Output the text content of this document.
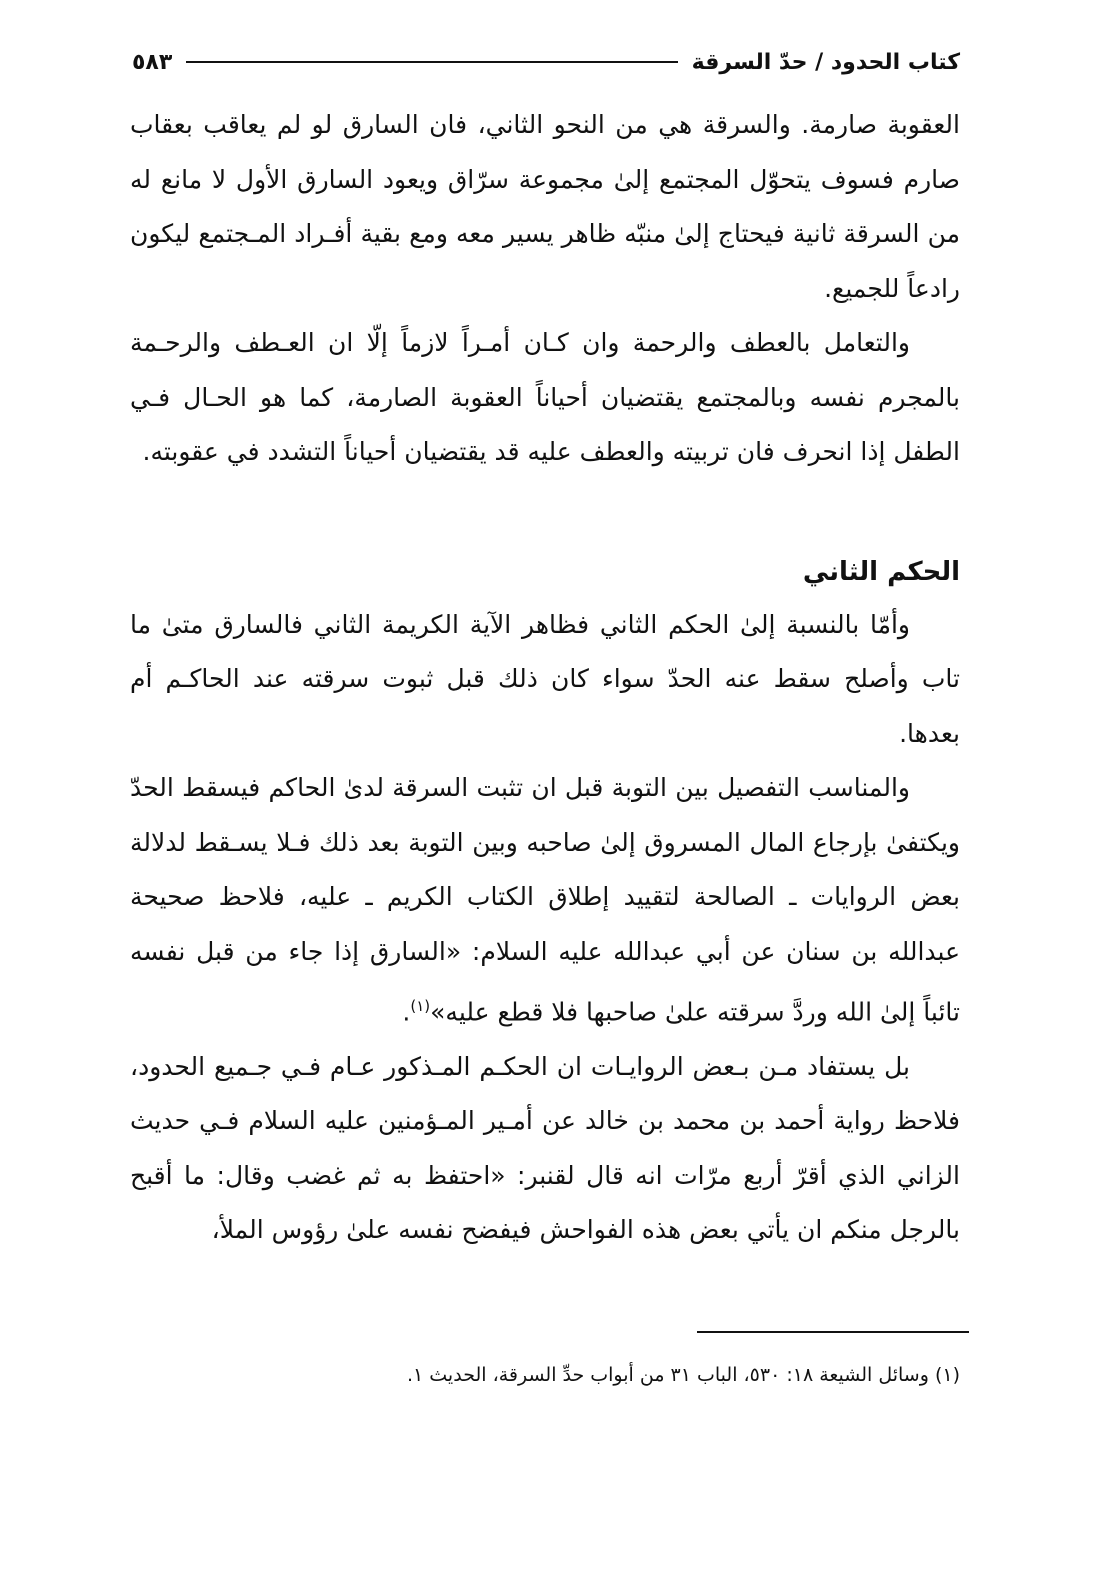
كتاب الحدود / حدّ السرقة
٥٨٣

العقوبة صارمة. والسرقة هي من النحو الثاني، فان السارق لو لم يعاقب بعقاب صارم فسوف يتحوّل المجتمع إلىٰ مجموعة سرّاق ويعود السارق الأول لا مانع له من السرقة ثانية فيحتاج إلىٰ منبّه ظاهر يسير معه ومع بقية أفـراد المـجتمع ليكون رادعاً للجميع.

والتعامل بالعطف والرحمة وان كـان أمـراً لازماً إلّا ان العـطف والرحـمة بالمجرم نفسه وبالمجتمع يقتضيان أحياناً العقوبة الصارمة، كما هو الحـال فـي الطفل إذا انحرف فان تربيته والعطف عليه قد يقتضيان أحياناً التشدد في عقوبته.

الحكم الثاني

وأمّا بالنسبة إلىٰ الحكم الثاني فظاهر الآية الكريمة الثاني فالسارق متىٰ ما تاب وأصلح سقط عنه الحدّ سواء كان ذلك قبل ثبوت سرقته عند الحاكـم أم بعدها.

والمناسب التفصيل بين التوبة قبل ان تثبت السرقة لدىٰ الحاكم فيسقط الحدّ ويكتفىٰ بإرجاع المال المسروق إلىٰ صاحبه وبين التوبة بعد ذلك فـلا يسـقط لدلالة بعض الروايات ـ الصالحة لتقييد إطلاق الكتاب الكريم ـ عليه، فلاحظ صحيحة عبدالله بن سنان عن أبي عبدالله عليه السلام: «السارق إذا جاء من قبل نفسه تائباً إلىٰ الله وردَّ سرقته علىٰ صاحبها فلا قطع عليه»$^{(١)}$.

بل يستفاد مـن بـعض الروايـات ان الحكـم المـذكور عـام فـي جـميع الحدود، فلاحظ رواية أحمد بن محمد بن خالد عن أمـير المـؤمنين عليه السلام فـي حديث الزاني الذي أقرّ أربع مرّات انه قال لقنبر: «احتفظ به ثم غضب وقال: ما أقبح بالرجل منكم ان يأتي بعض هذه الفواحش فيفضح نفسه علىٰ رؤوس الملأ،

(١) وسائل الشيعة ١٨: ٥٣٠، الباب ٣١ من أبواب حدِّ السرقة، الحديث ١.
